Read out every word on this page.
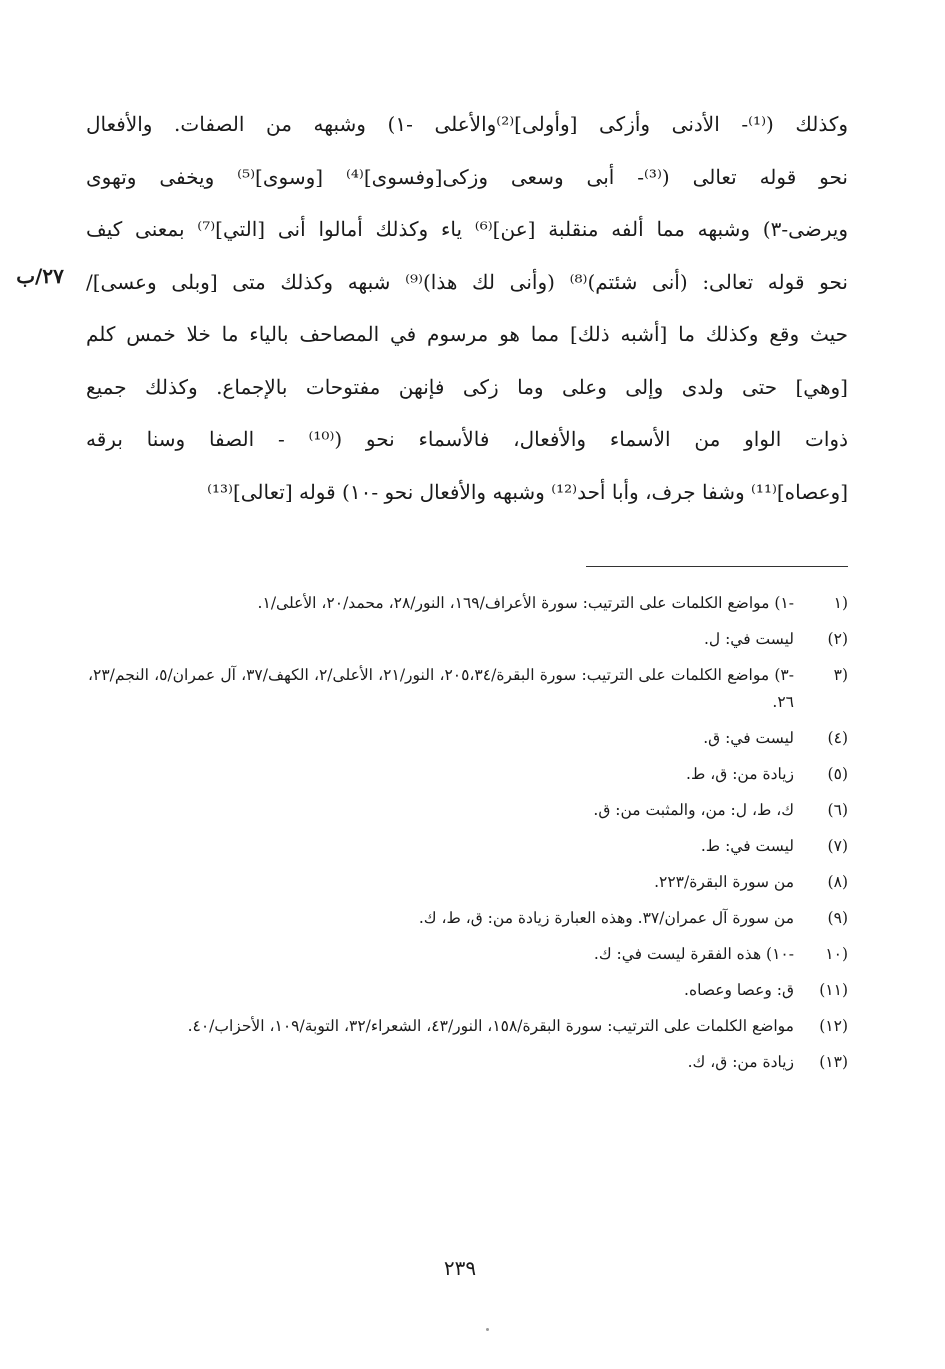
وكذلك (⁽¹⁾- الأدنى وأزكى [وأولى]⁽²⁾والأعلى -١) وشبهه من الصفات. والأفعال
نحو قوله تعالى (⁽³⁾- أبى وسعى وزكى[وفسوى]⁽⁴⁾ [وسوى]⁽⁵⁾ ويخفى وتهوى
ويرضى-٣) وشبهه مما ألفه منقلبة [عن]⁽⁶⁾ ياء وكذلك أمالوا أنى [التي]⁽⁷⁾ بمعنى كيف
نحو قوله تعالى: (أنى شئتم)⁽⁸⁾ (وأنى لك هذا)⁽⁹⁾ شبهه وكذلك متى [وبلى وعسى]/
حيث وقع وكذلك ما [أشبه ذلك] مما هو مرسوم في المصاحف بالياء ما خلا خمس كلم
[وهي] حتى ولدى وإلى وعلى وما زكى فإنهن مفتوحات بالإجماع. وكذلك جميع
ذوات الواو من الأسماء والأفعال، فالأسماء نحو (⁽¹⁰⁾ - الصفا وسنا برقه
[وعصاه]⁽¹¹⁾ وشفا جرف، وأبا أحد⁽¹²⁾ وشبهه والأفعال نحو -١٠) قوله [تعالى]⁽¹³⁾
٢٧/ب
(١
-١) مواضع الكلمات على الترتيب: سورة الأعراف/١٦٩، النور/٢٨، محمد/٢٠، الأعلى/١.
(٢)
ليست في: ل.
(٣
-٣) مواضع الكلمات على الترتيب: سورة البقرة/٢٠٥،٣٤، النور/٢١، الأعلى/٢، الكهف/٣٧، آل عمران/٥، النجم/٢٣، ٢٦.
(٤)
ليست في: ق.
(٥)
زيادة من: ق، ط.
(٦)
ك، ط، ل: من، والمثبت من: ق.
(٧)
ليست في: ط.
(٨)
من سورة البقرة/٢٢٣.
(٩)
من سورة آل عمران/٣٧. وهذه العبارة زيادة من: ق، ط، ك.
(١٠
-١٠) هذه الفقرة ليست في: ك.
(١١)
ق: وعصا وعصاه.
(١٢)
مواضع الكلمات على الترتيب: سورة البقرة/١٥٨، النور/٤٣، الشعراء/٣٢، التوبة/١٠٩، الأحزاب/٤٠.
(١٣)
زيادة من: ق، ك.
٢٣٩
